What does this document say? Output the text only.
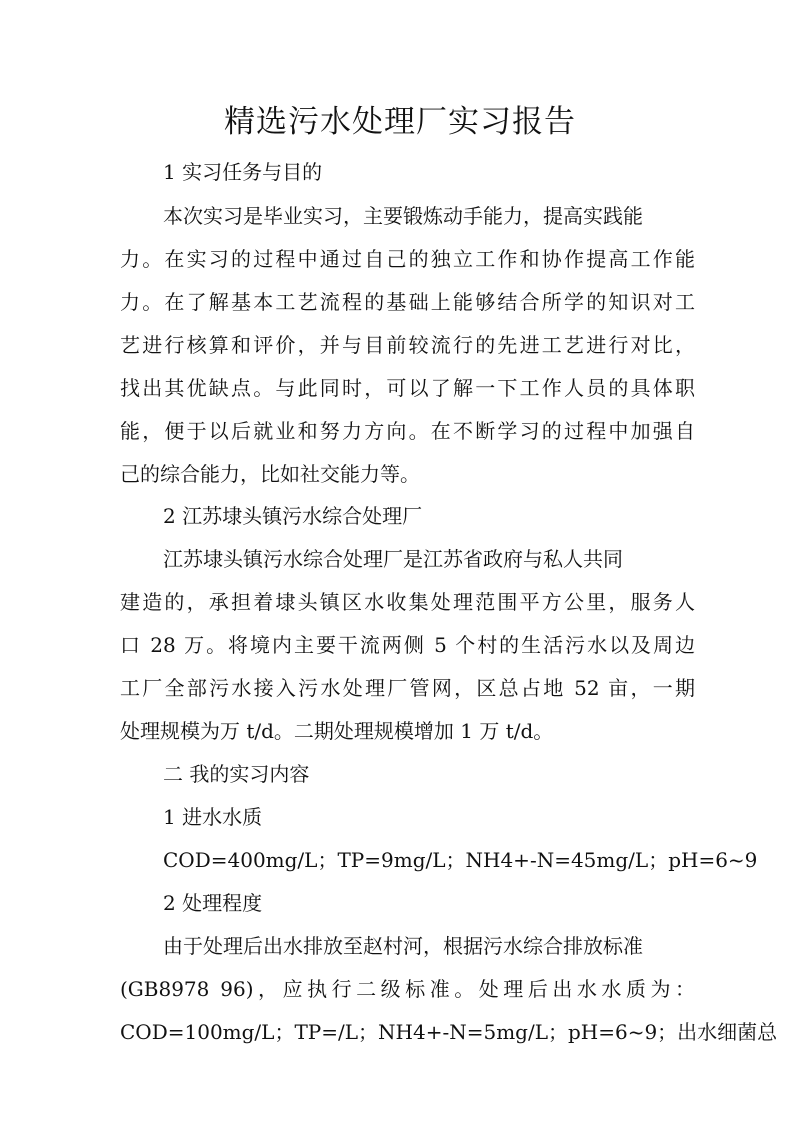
精选污水处理厂实习报告
1 实习任务与目的
本次实习是毕业实习，主要锻炼动手能力，提高实践能
力。在实习的过程中通过自己的独立工作和协作提高工作能
力。在了解基本工艺流程的基础上能够结合所学的知识对工
艺进行核算和评价，并与目前较流行的先进工艺进行对比，
找出其优缺点。与此同时，可以了解一下工作人员的具体职
能，便于以后就业和努力方向。在不断学习的过程中加强自
己的综合能力，比如社交能力等。
2 江苏埭头镇污水综合处理厂
江苏埭头镇污水综合处理厂是江苏省政府与私人共同
建造的，承担着埭头镇区水收集处理范围平方公里，服务人
口 28 万。将境内主要干流两侧 5 个村的生活污水以及周边
工厂全部污水接入污水处理厂管网，区总占地 52 亩，一期
处理规模为万 t/d。二期处理规模增加 1 万 t/d。
二 我的实习内容
1 进水水质
COD=400mg/L；TP=9mg/L；NH4+-N=45mg/L；pH=6~9
2 处理程度
由于处理后出水排放至赵村河，根据污水综合排放标准
(GB8978 96)，应执行二级标准。处理后出水水质为：
COD=100mg/L；TP=/L；NH4+-N=5mg/L；pH=6~9；出水细菌总
